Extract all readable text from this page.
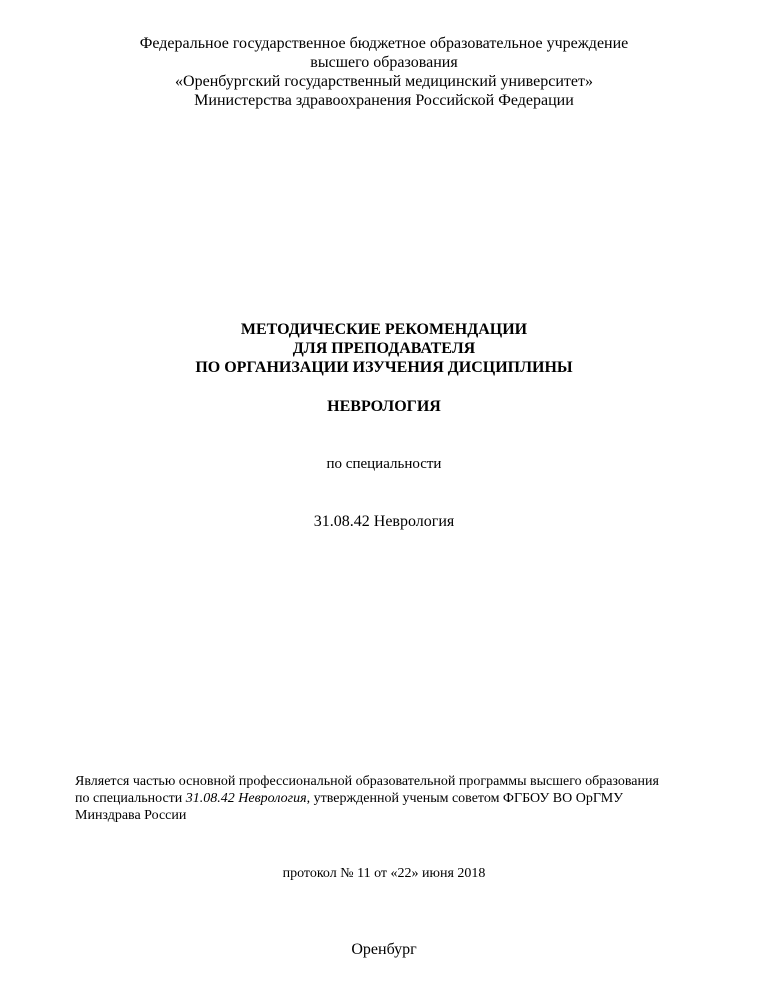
Федеральное государственное бюджетное образовательное учреждение
высшего образования
«Оренбургский государственный медицинский университет»
Министерства здравоохранения Российской Федерации
МЕТОДИЧЕСКИЕ РЕКОМЕНДАЦИИ
ДЛЯ ПРЕПОДАВАТЕЛЯ
ПО ОРГАНИЗАЦИИ ИЗУЧЕНИЯ ДИСЦИПЛИНЫ
НЕВРОЛОГИЯ
по специальности
31.08.42 Неврология
Является частью основной профессиональной образовательной программы высшего образования
по специальности 31.08.42 Неврология, утвержденной ученым советом ФГБОУ ВО ОрГМУ
Минздрава России
протокол № 11 от «22» июня 2018
Оренбург
